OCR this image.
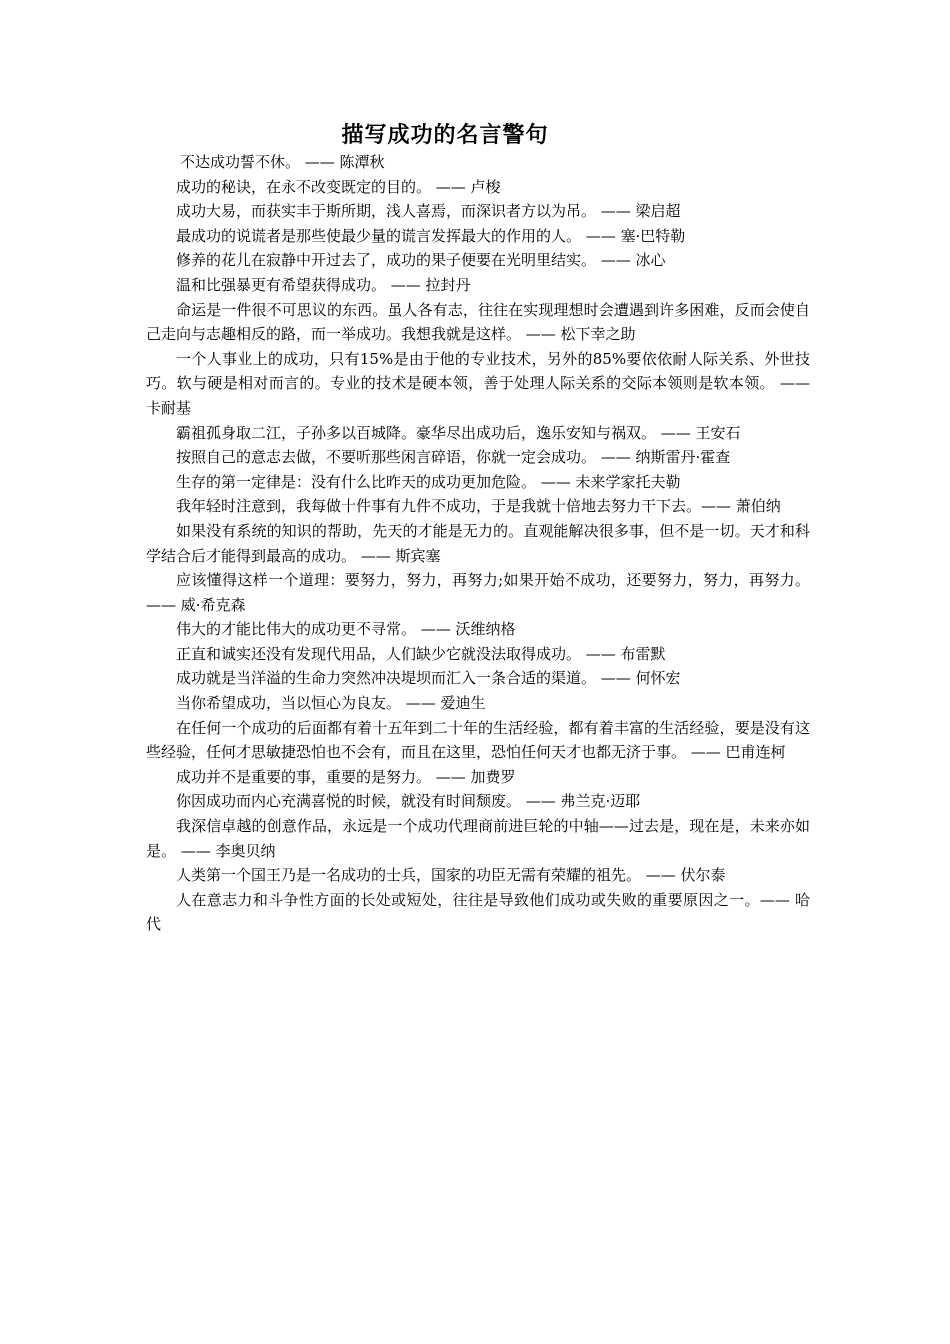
描写成功的名言警句

不达成功誓不休。 —— 陈潭秋

成功的秘诀，在永不改变既定的目的。 —— 卢梭

成功大易，而获实丰于斯所期，浅人喜焉，而深识者方以为吊。 —— 梁启超

最成功的说谎者是那些使最少量的谎言发挥最大的作用的人。 —— 塞·巴特勒

修养的花儿在寂静中开过去了，成功的果子便要在光明里结实。 —— 冰心

温和比强暴更有希望获得成功。 —— 拉封丹

命运是一件很不可思议的东西。虽人各有志，往往在实现理想时会遭遇到许多困难，反而会使自己走向与志趣相反的路，而一举成功。我想我就是这样。 —— 松下幸之助

一个人事业上的成功，只有15%是由于他的专业技术，另外的85%要依依耐人际关系、外世技巧。软与硬是相对而言的。专业的技术是硬本领，善于处理人际关系的交际本领则是软本领。 —— 卡耐基

霸祖孤身取二江，子孙多以百城降。豪华尽出成功后，逸乐安知与祸双。 —— 王安石

按照自己的意志去做，不要听那些闲言碎语，你就一定会成功。 —— 纳斯雷丹·霍查

生存的第一定律是：没有什么比昨天的成功更加危险。 —— 未来学家托夫勒

我年轻时注意到，我每做十件事有九件不成功，于是我就十倍地去努力干下去。—— 萧伯纳

如果没有系统的知识的帮助，先天的才能是无力的。直观能解决很多事，但不是一切。天才和科学结合后才能得到最高的成功。 —— 斯宾塞

应该懂得这样一个道理：要努力，努力，再努力;如果开始不成功，还要努力，努力，再努力。 —— 威·希克森

伟大的才能比伟大的成功更不寻常。 —— 沃维纳格

正直和诚实还没有发现代用品，人们缺少它就没法取得成功。 —— 布雷默

成功就是当洋溢的生命力突然冲决堤坝而汇入一条合适的渠道。 —— 何怀宏

当你希望成功，当以恒心为良友。 —— 爱迪生

在任何一个成功的后面都有着十五年到二十年的生活经验，都有着丰富的生活经验，要是没有这些经验，任何才思敏捷恐怕也不会有，而且在这里，恐怕任何天才也都无济于事。 —— 巴甫连柯

成功并不是重要的事，重要的是努力。 —— 加费罗

你因成功而内心充满喜悦的时候，就没有时间颓废。 —— 弗兰克·迈耶

我深信卓越的创意作品，永远是一个成功代理商前进巨轮的中轴——过去是，现在是，未来亦如是。 —— 李奥贝纳

人类第一个国王乃是一名成功的士兵，国家的功臣无需有荣耀的祖先。 —— 伏尔泰

人在意志力和斗争性方面的长处或短处，往往是导致他们成功或失败的重要原因之一。—— 哈代
